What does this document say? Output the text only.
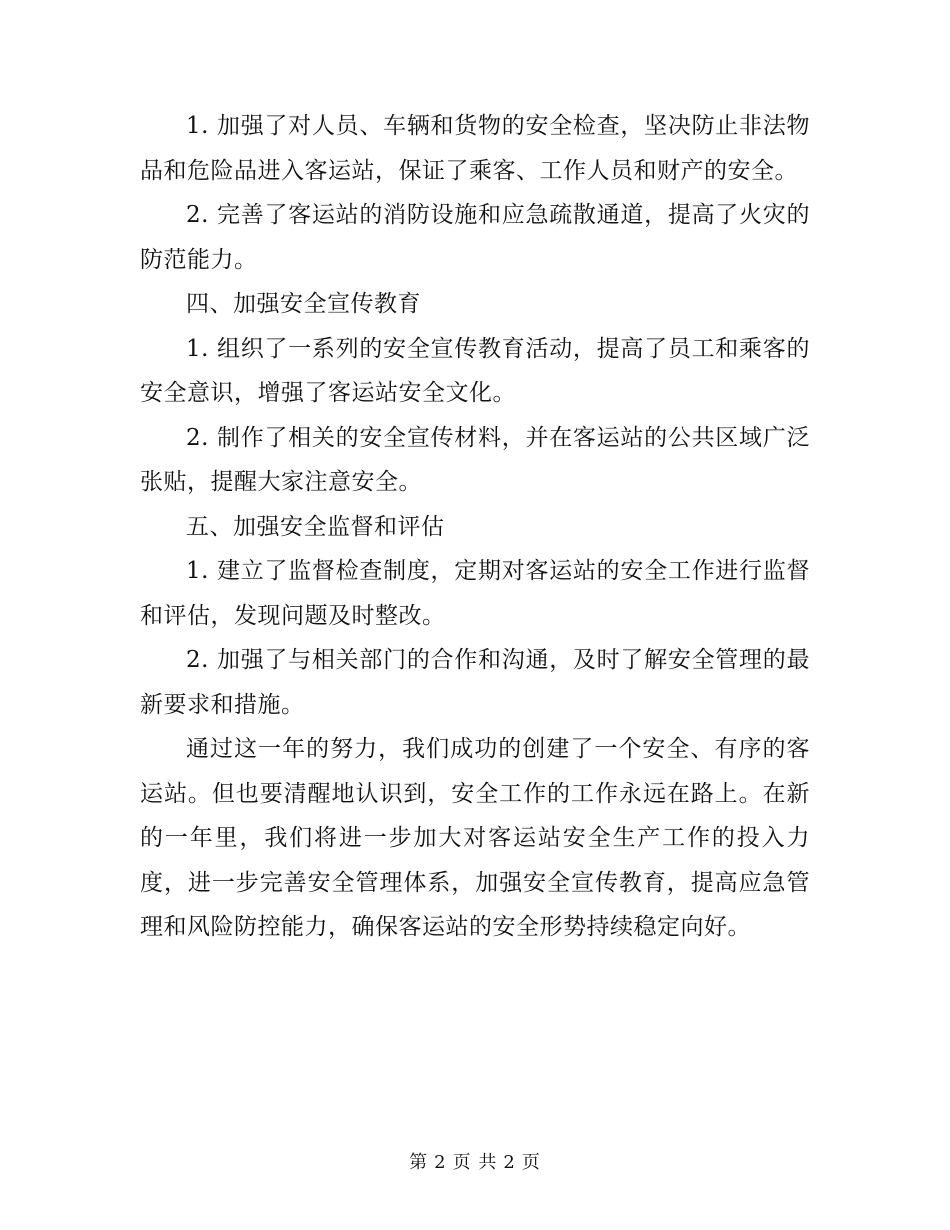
1. 加强了对人员、车辆和货物的安全检查，坚决防止非法物品和危险品进入客运站，保证了乘客、工作人员和财产的安全。

2. 完善了客运站的消防设施和应急疏散通道，提高了火灾的防范能力。

四、加强安全宣传教育

1. 组织了一系列的安全宣传教育活动，提高了员工和乘客的安全意识，增强了客运站安全文化。

2. 制作了相关的安全宣传材料，并在客运站的公共区域广泛张贴，提醒大家注意安全。

五、加强安全监督和评估

1. 建立了监督检查制度，定期对客运站的安全工作进行监督和评估，发现问题及时整改。

2. 加强了与相关部门的合作和沟通，及时了解安全管理的最新要求和措施。

通过这一年的努力，我们成功的创建了一个安全、有序的客运站。但也要清醒地认识到，安全工作的工作永远在路上。在新的一年里，我们将进一步加大对客运站安全生产工作的投入力度，进一步完善安全管理体系，加强安全宣传教育，提高应急管理和风险防控能力，确保客运站的安全形势持续稳定向好。

第 2 页 共 2 页
